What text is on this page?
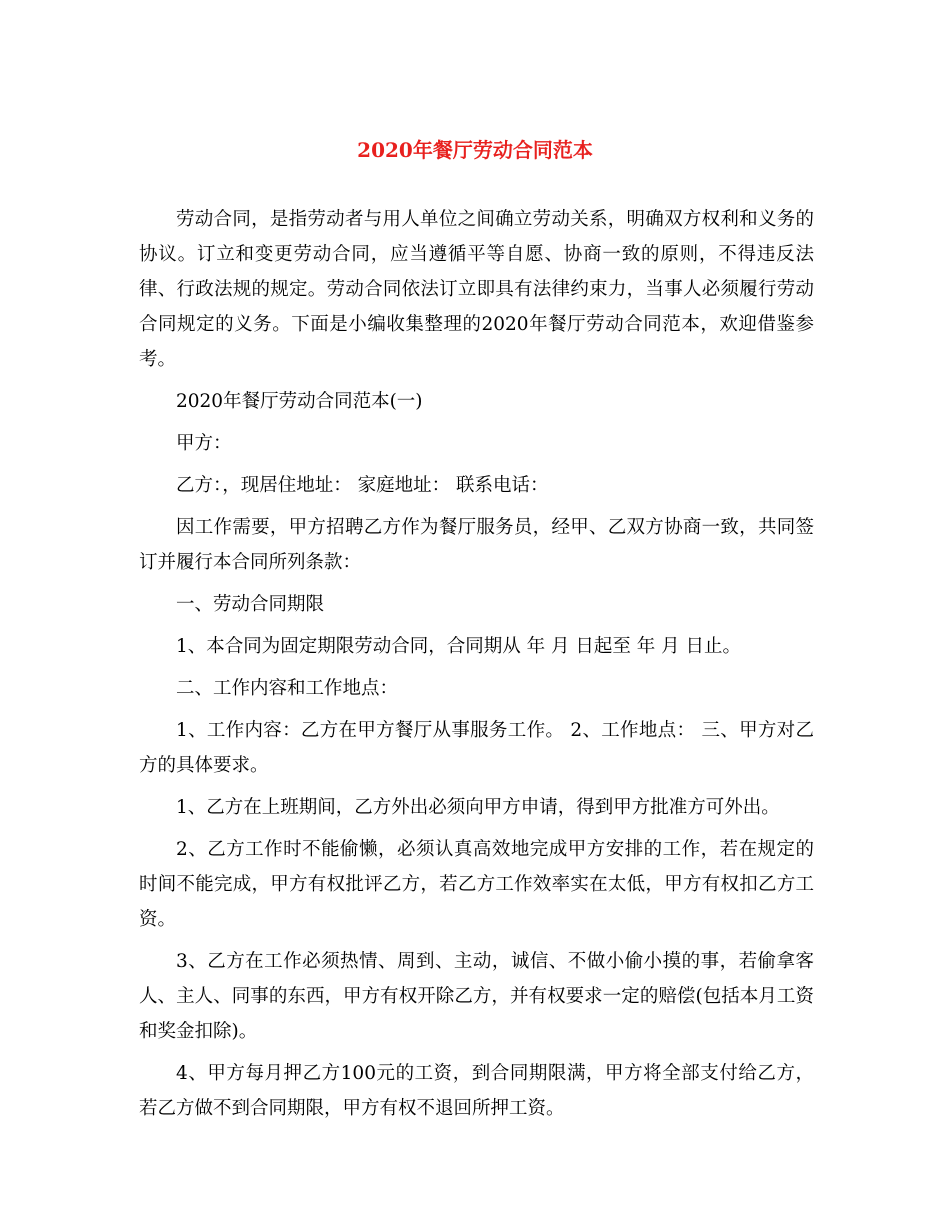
2020年餐厅劳动合同范本

劳动合同，是指劳动者与用人单位之间确立劳动关系，明确双方权利和义务的协议。订立和变更劳动合同，应当遵循平等自愿、协商一致的原则，不得违反法律、行政法规的规定。劳动合同依法订立即具有法律约束力，当事人必须履行劳动合同规定的义务。下面是小编收集整理的2020年餐厅劳动合同范本，欢迎借鉴参考。

2020年餐厅劳动合同范本(一)

甲方：

乙方：，现居住地址： 家庭地址： 联系电话：

因工作需要，甲方招聘乙方作为餐厅服务员，经甲、乙双方协商一致，共同签订并履行本合同所列条款：

一、劳动合同期限

1、本合同为固定期限劳动合同，合同期从 年 月 日起至 年 月 日止。

二、工作内容和工作地点：

1、工作内容：乙方在甲方餐厅从事服务工作。 2、工作地点： 三、甲方对乙方的具体要求。

1、乙方在上班期间，乙方外出必须向甲方申请，得到甲方批准方可外出。

2、乙方工作时不能偷懒，必须认真高效地完成甲方安排的工作，若在规定的时间不能完成，甲方有权批评乙方，若乙方工作效率实在太低，甲方有权扣乙方工资。

3、乙方在工作必须热情、周到、主动，诚信、不做小偷小摸的事，若偷拿客人、主人、同事的东西，甲方有权开除乙方，并有权要求一定的赔偿(包括本月工资和奖金扣除)。

4、甲方每月押乙方100元的工资，到合同期限满，甲方将全部支付给乙方，若乙方做不到合同期限，甲方有权不退回所押工资。
